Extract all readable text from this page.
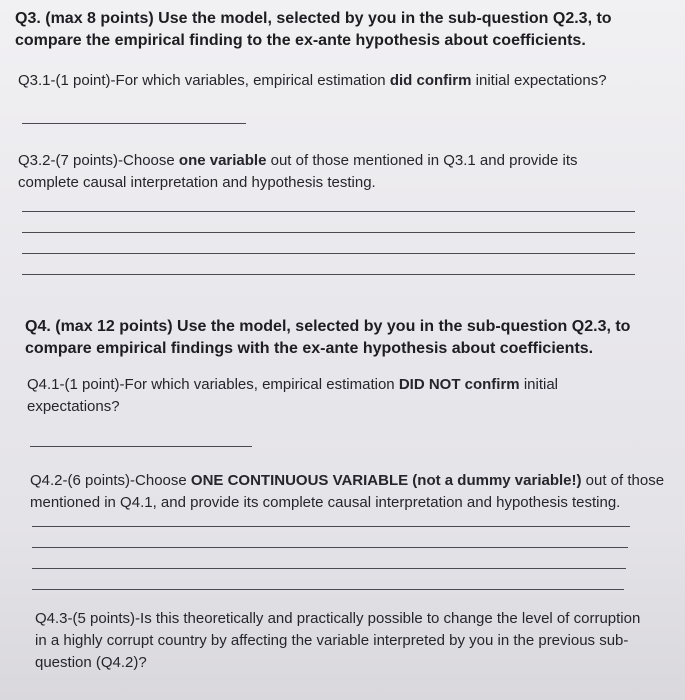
Q3. (max 8 points) Use the model, selected by you in the sub-question Q2.3, to
compare the empirical finding to the ex-ante hypothesis about coefficients.
Q3.1-(1 point)-For which variables, empirical estimation did confirm initial expectations?
Q3.2-(7 points)-Choose one variable out of those mentioned in Q3.1 and provide its
complete causal interpretation and hypothesis testing.
Q4. (max 12 points) Use the model, selected by you in the sub-question Q2.3, to
compare empirical findings with the ex-ante hypothesis about coefficients.
Q4.1-(1 point)-For which variables, empirical estimation DID NOT confirm initial
expectations?
Q4.2-(6 points)-Choose ONE CONTINUOUS VARIABLE (not a dummy variable!) out of those
mentioned in Q4.1, and provide its complete causal interpretation and hypothesis testing.
Q4.3-(5 points)-Is this theoretically and practically possible to change the level of corruption
in a highly corrupt country by affecting the variable interpreted by you in the previous sub-
question (Q4.2)?
